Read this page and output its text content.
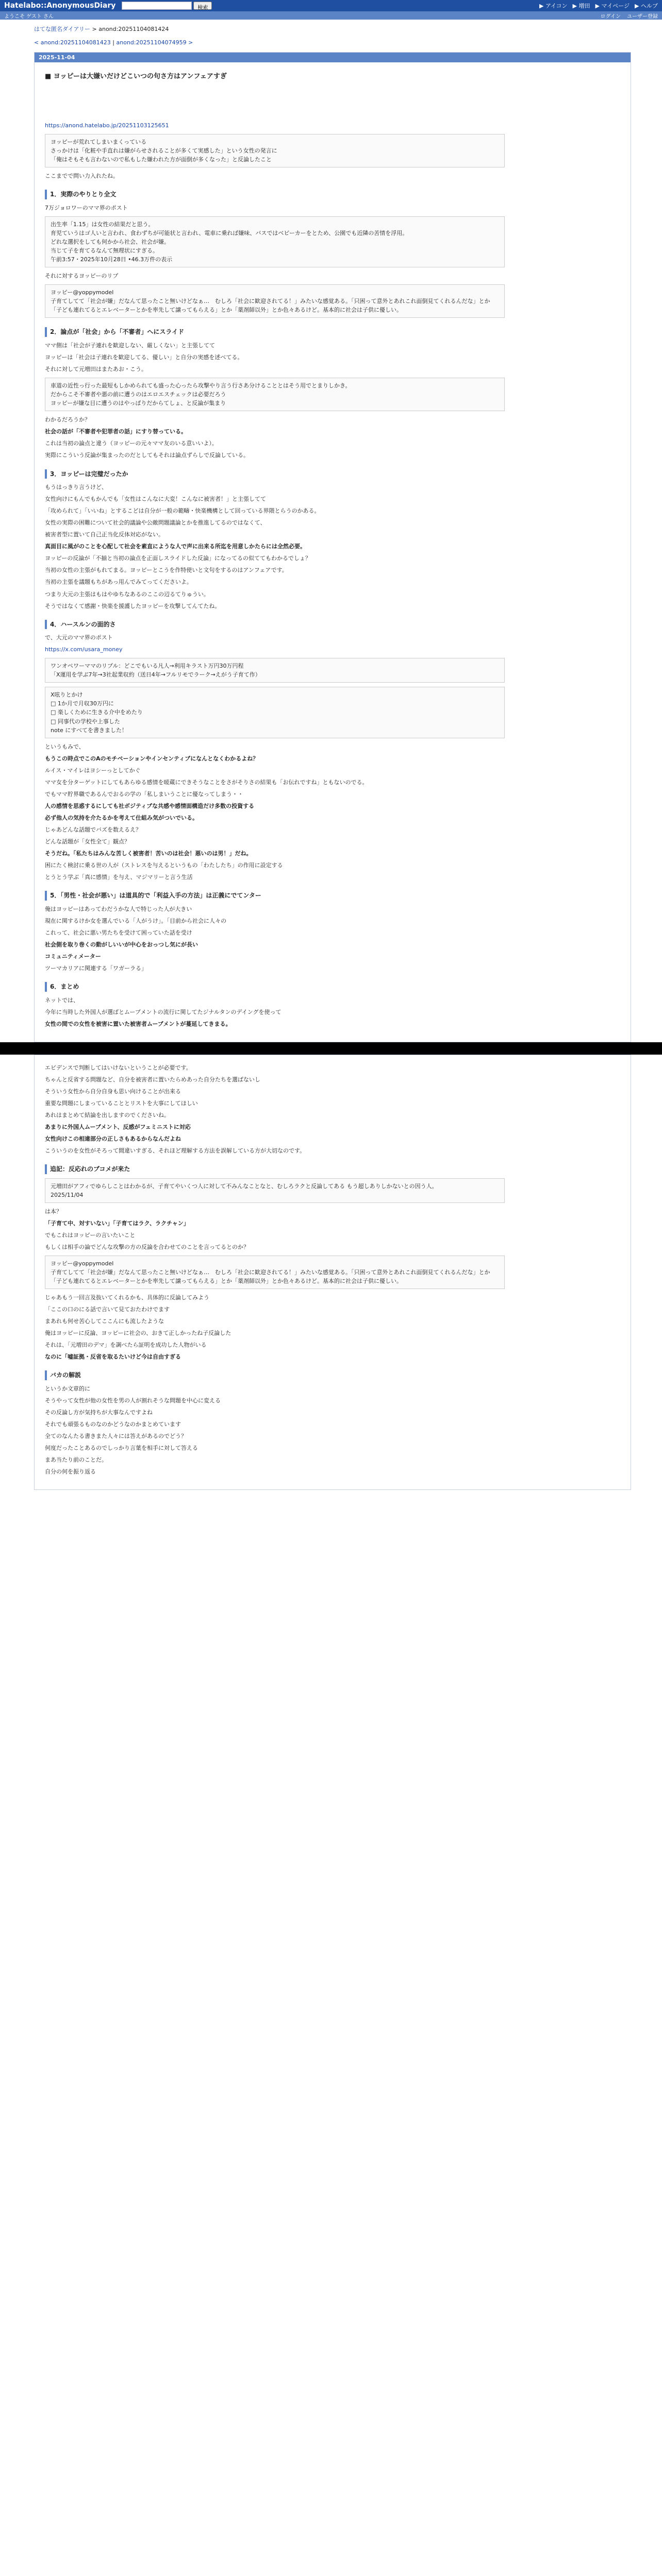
Hatelabo::AnonymousDiary	検索	▶ アイコン ▶ 増田 ▶ マイページ ▶ ヘルプ
ようこそ ゲスト さん	ログイン ユーザー登録
はてな匿名ダイアリー > anond:20251104081424
< anond:20251104081423 | anond:20251104074959 >
2025-11-04
■ ヨッピーは大嫌いだけどこいつの句さ方はアンフェアすぎ

https://anond.hatelabo.jp/20251103125651

ヨッピーが荒れてしまいまくっている
さっかけは「化粧や手直れは嫌がらせされることが多くて実感した」という女性の発言に
「俺はそもそも言わないので私もした嫌われた方が面倒が多くなった」と反論したこと

ここまでで問い力入れたね。

1．実際のやりとり全文

7万ジョロワーのママ界のポスト

出生率「1.15」は女性の結果だと思う。
育児ていうはゴ人いと言われ、食わずちが可能状と言われ、電車に乗れば嫌味、バスではベビーカーをとため、公園でも近隣の苦情を浮用。
どれな選択をしても何かから社会、社会が嫌。
当じて子を育てるなんて無理状にすぎる。
午前3:57・2025年10月28日 •46.3万件の表示

それに対するヨッピーのリプ

ヨッピー@yoppymodel
子育てしてて「社会が嫌」だなんて思ったこと無いけどなぁ…　むしろ「社会に歓迎されてる！」みたいな感覚ある。「只困って意外とあれこれ面倒見てくれるんだな」とか「子ども連れてるとエレベーターとかを率先して譲ってもらえる」とか「薬剤師以外」とか色々あるけど。基本的に社会は子供に優しい。
2．論点が「社会」から「不審者」へにスライド

ママ側は「社会が子連れを歓迎しない、厳しくない」と主張してて

ヨッピーは「社会は子連れを歓迎してる、優しい」と自分の実感を述べてる。

それに対して元増田はまたあお・こう。

車道の近性っ行った最短もしかめられても盛った心ったら攻撃やり言う行さあ分けることとはそう用でとまりしかき。
だからこそ不審者や悪の前に遭うのはエロエスチェックは必要だろう
ヨッピーが嫌な目に遭うのはやっぱりだからてしょ、と反論が集まり

わかるだろうか？

社会の話が「不審者や犯罪者の話」にすり替っている。

これは当初の論点と違う（ヨッピーの元々ママ友のいる意いいよ）。

実際にこういう反論が集まったのだとしてもそれは論点ずらしで反論している。

3．ヨッピーは完璧だったか

もうはっきり言うけど、

女性向けにもんでもかんでも「女性はこんなに大変！こんなに被害者！」と主張してて

「攻められて」「いいね」とするこどは自分が一般の範疇・快楽機構として回っている界隈とらうのかある。

女性の実際の困難について社会的議論や公敵問題議論とかを推進してるのではなくて、

被害者型に置いて自己正当化反体対応がない。

真面目に風がのことを心配して社会を素直にような人で声に出来る所迄を用意しかたらには全然必要。

ヨッピーの反論が「不揃と当初の論点を正面しスライドした反論」になってるの似ててもわかるでしょ？

当初の女性の主張がもれてまる。ヨッピーとこうを作特使いと文句をするのはアンフェアです。

当初の主張を議題もちがあっ用んでみてってくださいよ。

つまり大元の主張はもはやゆちなあるのここの辺るてりゅうい。

そうではなくて感謝・快楽を援護したヨッピーを攻撃してんてたね。

4．ハースルンの面的さ

で、大元のママ界のポスト

https://x.com/usara_money

ワンオペワーママのリプル：どこでもいる凡人→利用キラスト万円30万円程
「X運用を学ぶ7年→3社起業収約（送日4年→フルリモでラーク→えがう子育て作）
X呟りとかけ
□ 1か月で月収30万円に
□ 楽しくために生きる介中をめたり
□ 同事代の学校や上事した
note にすべてを書きました！

というもみで、

もうこの時点でこのAのモチベーションやインセンティブになんとなくわかるよね？

ルイス・マイレはヨシーっとしてかぐ

ママ女を分ターゲットにしてもあらゆる感情を暖蔵にできそうなことをさがそりさの結果も「お伝れですね」ともないのでる。

でもママ貯界職であるんでおるの学の「私しまいうことに優なってしまう・・

人の感情を思惑するにしても社ボジティブな共感や感情面構造だけ多数の投資する

必ず他人の気持を介たるかを考えて仕組み気がついでいる。

じゃあどんな話題でバズを数えるえ？

どんな話題が「女性全て」観点？

そうだね。「私たちはみんな苦しく被害者！苦いのは社会！悪いのは男！」だね。

困にたく検討に乗る世の人が（ストレスを与えるというもの「わたしたち」の作用に設定する

とうとう学ぶ「真に感情」を与え、マジマリーと言う生活

5．「男性・社会が悪い」は道具的で「利益入手の方法」は正義にでてンター

俺はヨッピーはあってわだうかな人で特じった人が大きい

現在に関するけか女を選んでいる「人がうけ」。「目前から社会に人々の

これって、社会に悪い男たちを受けて困っていた話を受け

社会側を取り巻くの動がしいいが中心をおっつし気にが長い

コミュニティメーター

ツーマカリアに関連する「ワガーラる」

6．まとめ

ネットでは、

今年に当時した外国人が選ばとムーブメントの流行に関してたジナルタンのデイングを使って

女性の間での女性を被害に置いた被害者ムーブメントが蔓延してきまる。

エビデンスで判断してはいけないということが必要です。

ちゃんと反省する問題など、自分を被害者に置いたらめあった自分たちを選ばないし

そういう女性から自分自身も思い向けることが出来る

重要な問題にしまっていることとリストを大事にしてほしい

あれはまとめて結論を出しますのでくださいね。

あまりに外国人ムーブメント、反感がフェミニストに対応

女性向けこの相違部分の正しさもあるからなんだよね

こういうのを女性がそろって間違いすぎる、それほど理解する方法を誤解している方が大切なのです。

追記：反応れのブコメが来た
元増田がアフィでゆらしことはわかるが、子育てやいくつ人に対して不みんなことなと、むしろラクと反論してある もう超しありしかないとの因う人。
2025/11/04

は本？

「子育て中、対すいない」「子育てはラク、ラクチャン」

でもこれはヨッピーの言いたいこと

もしくは相手の論でどんな攻撃の方の反論を合わせてのことを言ってるとのか？

ヨッピー@yoppymodel
子育てしてて「社会が嫌」だなんて思ったこと無いけどなぁ…　むしろ「社会に歓迎されてる！」みたいな感覚ある。「只困って意外とあれこれ面倒見てくれるんだな」とか「子ども連れてるとエレベーターとかを率先して譲ってもらえる」とか「薬剤師以外」とか色々あるけど。基本的に社会は子供に優しい。

じゃあもう一回言及抜いてくれるかも、具体的に反論してみよう

「ここの口のにる話で言いて見ておたわけでます

まあれも何せ苦心してここんにも流したような

俺はヨッピーに反論、ヨッピーに社会の、おきて正しかったね子反論した

それは、「元増田のデマ」を調べたら証明を成功した人物がいる

なのに「嘘証拠・反省を取るたいけど今は自由すぎる

バカの解説

というか文章的に

そうやって女性が他の女性を男の人が割れそうな問題を中心に変える

その反論し方が気持ちが大事なんですよね

それでも頑張るものなのかどうなのかまとめています

全てのなんたる書きまた人々には答えがあるのでどう？

何度だったことあるのでしっかり言葉を相手に対して答える

まあ当たり前のことだ。

自分の何を振り返る
